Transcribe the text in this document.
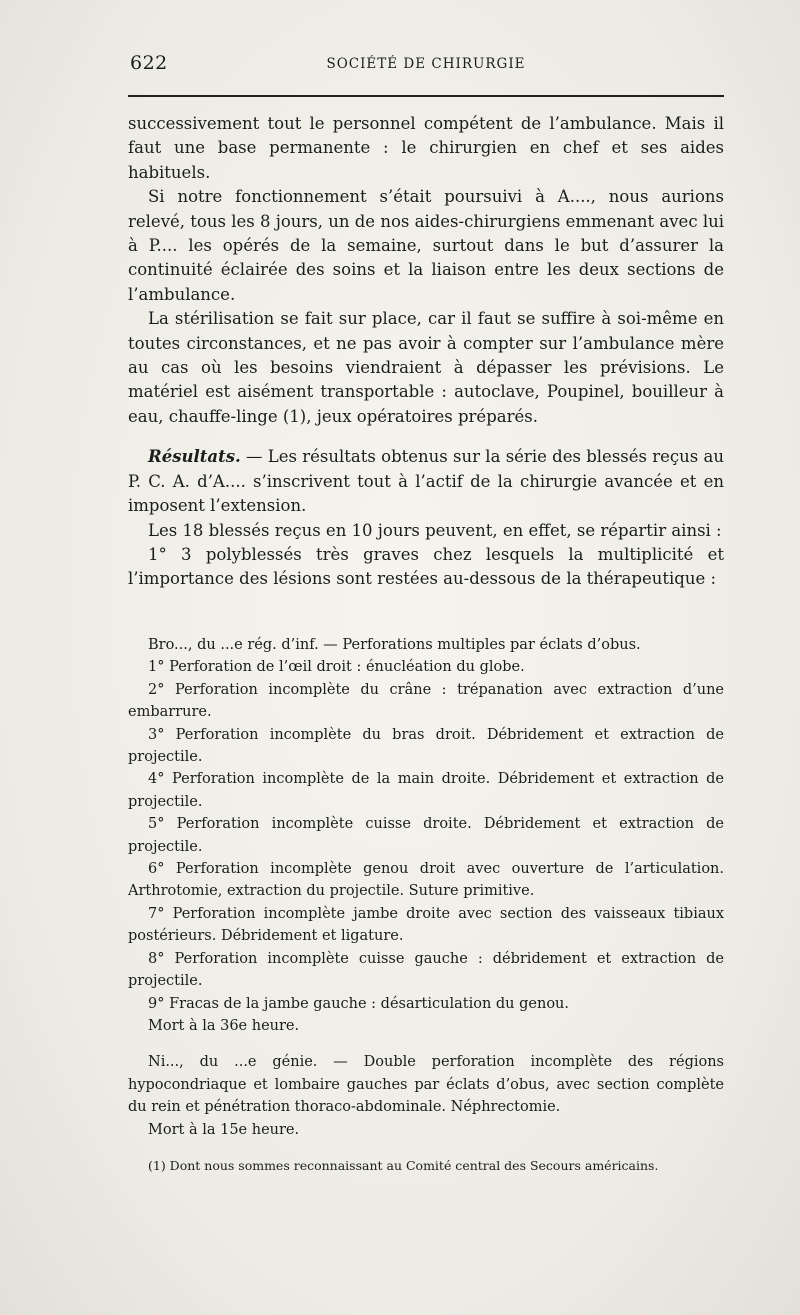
622	SOCIÉTÉ DE CHIRURGIE

successivement tout le personnel compétent de l’ambulance. Mais il faut une base permanente : le chirurgien en chef et ses aides habituels.

Si notre fonctionnement s’était poursuivi à A...., nous aurions relevé, tous les 8 jours, un de nos aides-chirurgiens emmenant avec lui à P.... les opérés de la semaine, surtout dans le but d’assurer la continuité éclairée des soins et la liaison entre les deux sections de l’ambulance.

La stérilisation se fait sur place, car il faut se suffire à soi-même en toutes circonstances, et ne pas avoir à compter sur l’ambulance mère au cas où les besoins viendraient à dépasser les prévisions. Le matériel est aisément transportable : autoclave, Poupinel, bouilleur à eau, chauffe-linge (1), jeux opératoires préparés.

Résultats. — Les résultats obtenus sur la série des blessés reçus au P. C. A. d’A.... s’inscrivent tout à l’actif de la chirurgie avancée et en imposent l’extension.

Les 18 blessés reçus en 10 jours peuvent, en effet, se répartir ainsi :

1° 3 polyblessés très graves chez lesquels la multiplicité et l’importance des lésions sont restées au-dessous de la thérapeutique :

Bro..., du ...e rég. d’inf. — Perforations multiples par éclats d’obus.

1° Perforation de l’œil droit : énucléation du globe.

2° Perforation incomplète du crâne : trépanation avec extraction d’une embarrure.

3° Perforation incomplète du bras droit. Débridement et extraction de projectile.

4° Perforation incomplète de la main droite. Débridement et extraction de projectile.

5° Perforation incomplète cuisse droite. Débridement et extraction de projectile.

6° Perforation incomplète genou droit avec ouverture de l’articulation. Arthrotomie, extraction du projectile. Suture primitive.

7° Perforation incomplète jambe droite avec section des vaisseaux tibiaux postérieurs. Débridement et ligature.

8° Perforation incomplète cuisse gauche : débridement et extraction de projectile.

9° Fracas de la jambe gauche : désarticulation du genou.

Mort à la 36e heure.

Ni..., du ...e génie. — Double perforation incomplète des régions hypocondriaque et lombaire gauches par éclats d’obus, avec section complète du rein et pénétration thoraco-abdominale. Néphrectomie.

Mort à la 15e heure.

(1) Dont nous sommes reconnaissant au Comité central des Secours américains.
